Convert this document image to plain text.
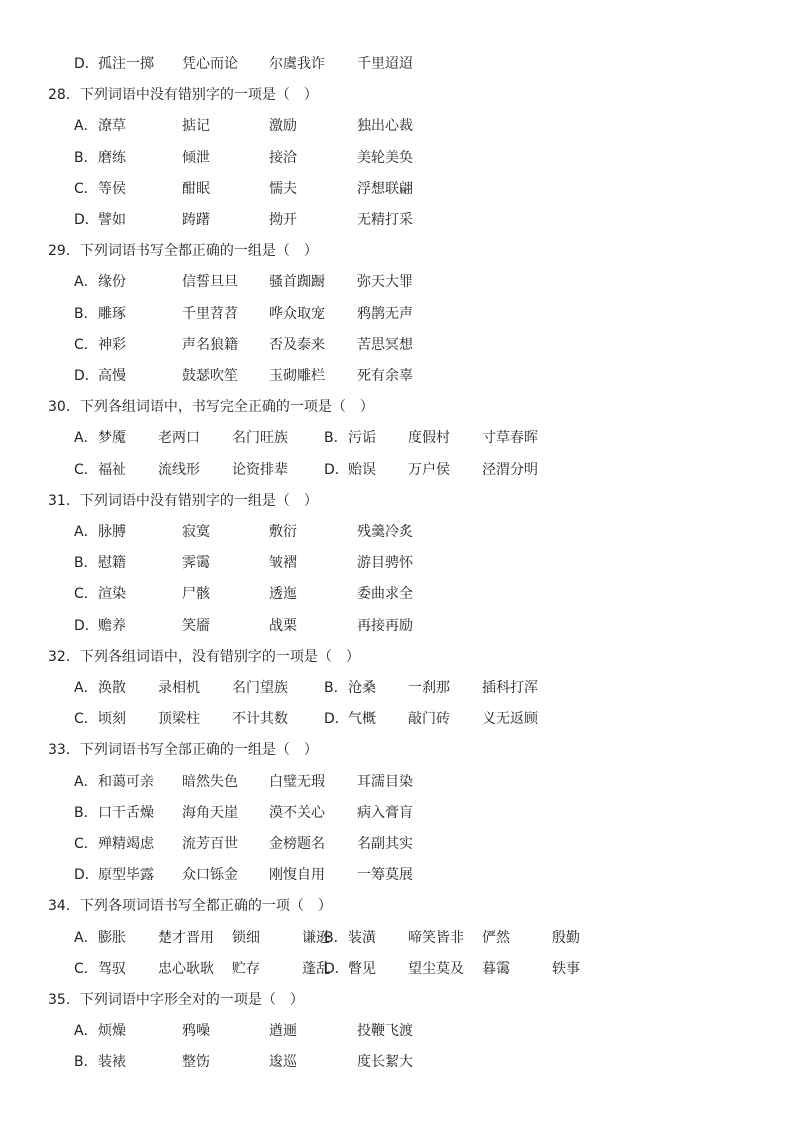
D． 孤注一掷 凭心而论 尔虞我诈 千里迢迢
28．下列词语中没有错别字的一项是（　）
A． 潦草	掂记	激励	独出心裁
B． 磨练	倾泄	接洽	美轮美奂
C． 等侯	酣眠	懦夫	浮想联翩
D． 譬如	踌躇	拗开	无精打采
29．下列词语书写全都正确的一组是（　）
A． 缘份	信誓旦旦 骚首踟蹰 弥天大罪
B． 雕琢	千里苕苕 哗众取宠 鸦鹊无声
C． 神彩	声名狼籍 否及泰来 苦思冥想
D． 高慢	鼓瑟吹笙 玉砌雕栏 死有余辜
30．下列各组词语中，书写完全正确的一项是（　）
A． 梦魇 老两口 名门旺族	B． 污诟 度假村 寸草春晖
C． 福祉 流线形 论资排辈	D． 贻误 万户侯 泾渭分明
31．下列词语中没有错别字的一组是（　）
A． 脉膊	寂寞	敷衍	残羹冷炙
B． 慰籍	霁霭	皱褶	游目骋怀
C． 渲染	尸骸	透迤	委曲求全
D． 赡养	笑靥	战栗	再接再励
32．下列各组词语中，没有错别字的一项是（　）
A． 涣散 录相机 名门望族	B． 沧桑 一刹那 插科打浑
C． 顷刻 顶梁柱 不计其数	D． 气概 敲门砖 义无返顾
33．下列词语书写全部正确的一组是（　）
A． 和蔼可亲 暗然失色 白璧无瑕 耳濡目染
B． 口干舌燥 海角天崖 漠不关心 病入膏肓
C． 殚精竭虑 流芳百世 金榜题名 名副其实
D． 原型毕露 众口铄金 刚愎自用 一筹莫展
34．下列各项词语书写全都正确的一项（　）
A． 膨胀 楚才晋用 锁细	谦逊
B． 装潢 啼笑皆非 俨然	殷勤
C． 驾驭 忠心耿耿 贮存	蓬乱
D． 瞥见 望尘莫及 暮霭	轶事
35．下列词语中字形全对的一项是（　）
A． 烦燥	鸦噪	遒逦	投鞭飞渡
B． 装裱	整饬	逡巡	度长絜大
